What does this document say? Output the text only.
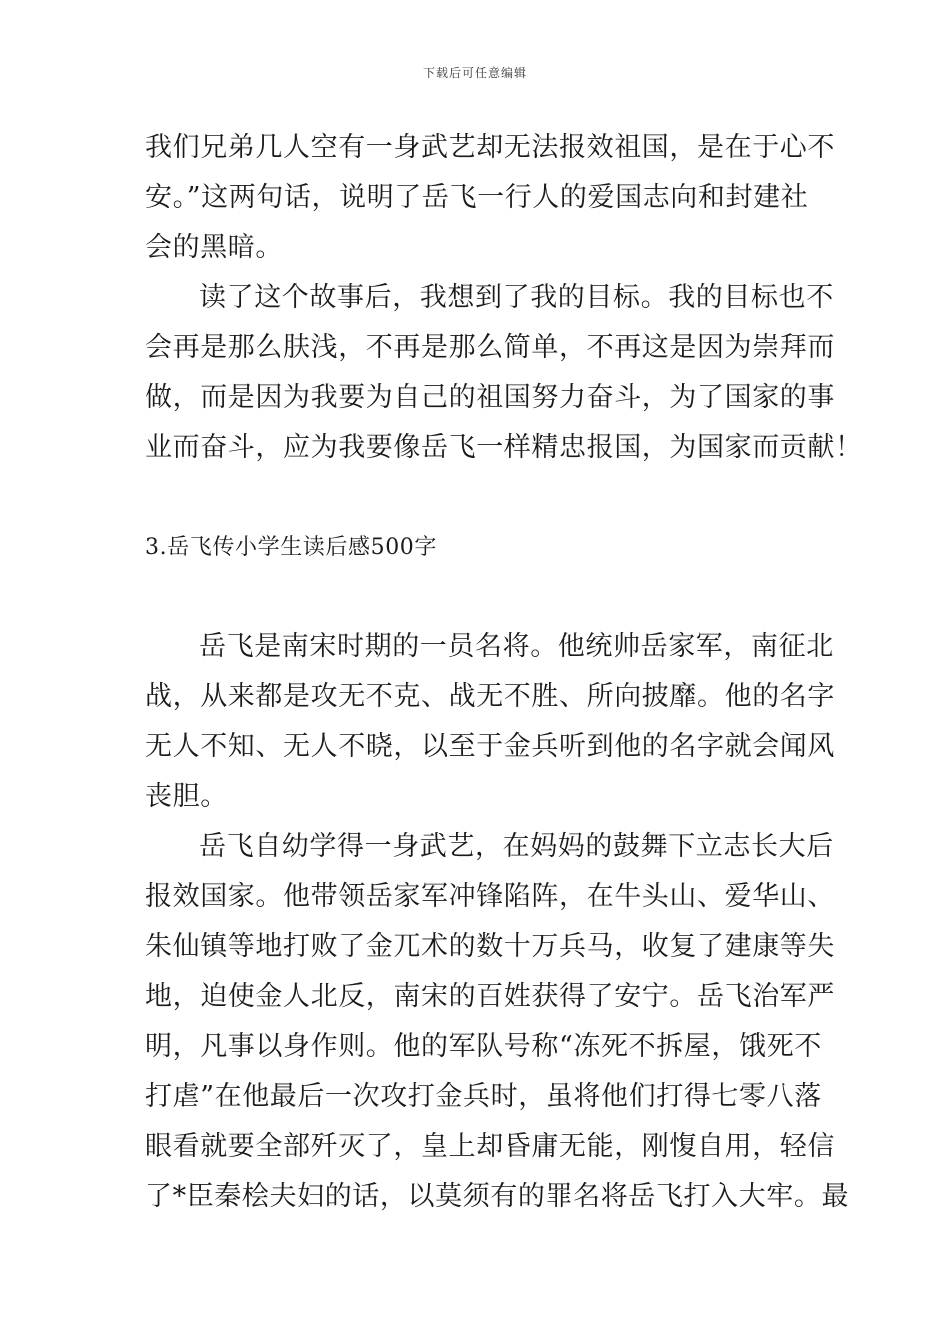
下载后可任意编辑
我们兄弟几人空有一身武艺却无法报效祖国，是在于心不
安。”这两句话，说明了岳飞一行人的爱国志向和封建社
会的黑暗。
读了这个故事后，我想到了我的目标。我的目标也不
会再是那么肤浅，不再是那么简单，不再这是因为崇拜而
做，而是因为我要为自己的祖国努力奋斗，为了国家的事
业而奋斗，应为我要像岳飞一样精忠报国，为国家而贡献！
3.岳飞传小学生读后感500字
岳飞是南宋时期的一员名将。他统帅岳家军，南征北
战，从来都是攻无不克、战无不胜、所向披靡。他的名字
无人不知、无人不晓，以至于金兵听到他的名字就会闻风
丧胆。
岳飞自幼学得一身武艺，在妈妈的鼓舞下立志长大后
报效国家。他带领岳家军冲锋陷阵，在牛头山、爱华山、
朱仙镇等地打败了金兀术的数十万兵马，收复了建康等失
地，迫使金人北反，南宋的百姓获得了安宁。岳飞治军严
明，凡事以身作则。他的军队号称“冻死不拆屋，饿死不
打虐”在他最后一次攻打金兵时，虽将他们打得七零八落
眼看就要全部歼灭了，皇上却昏庸无能，刚愎自用，轻信
了*臣秦桧夫妇的话，以莫须有的罪名将岳飞打入大牢。最
